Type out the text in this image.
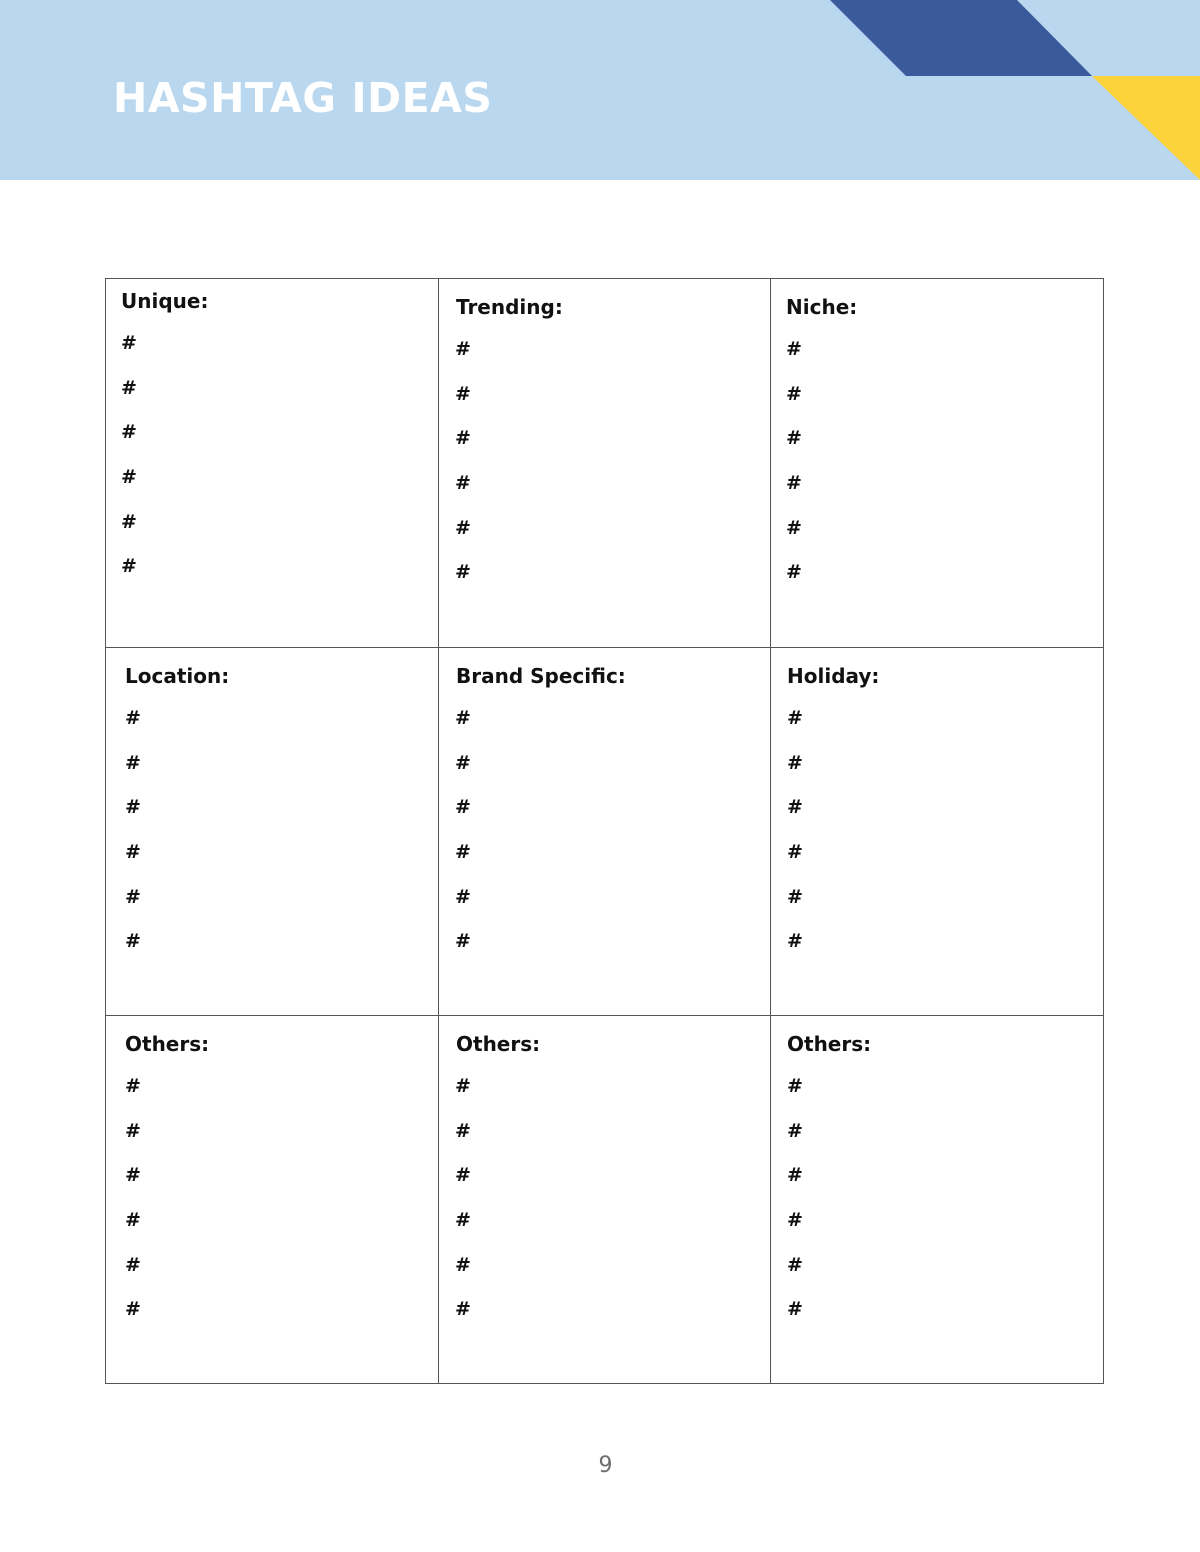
HASHTAG IDEAS
Unique:
#
#
#
#
#
#
Trending:
#
#
#
#
#
#
Niche:
#
#
#
#
#
#
Location:
#
#
#
#
#
#
Brand Specific:
#
#
#
#
#
#
Holiday:
#
#
#
#
#
#
Others:
#
#
#
#
#
#
Others:
#
#
#
#
#
#
Others:
#
#
#
#
#
#
9
